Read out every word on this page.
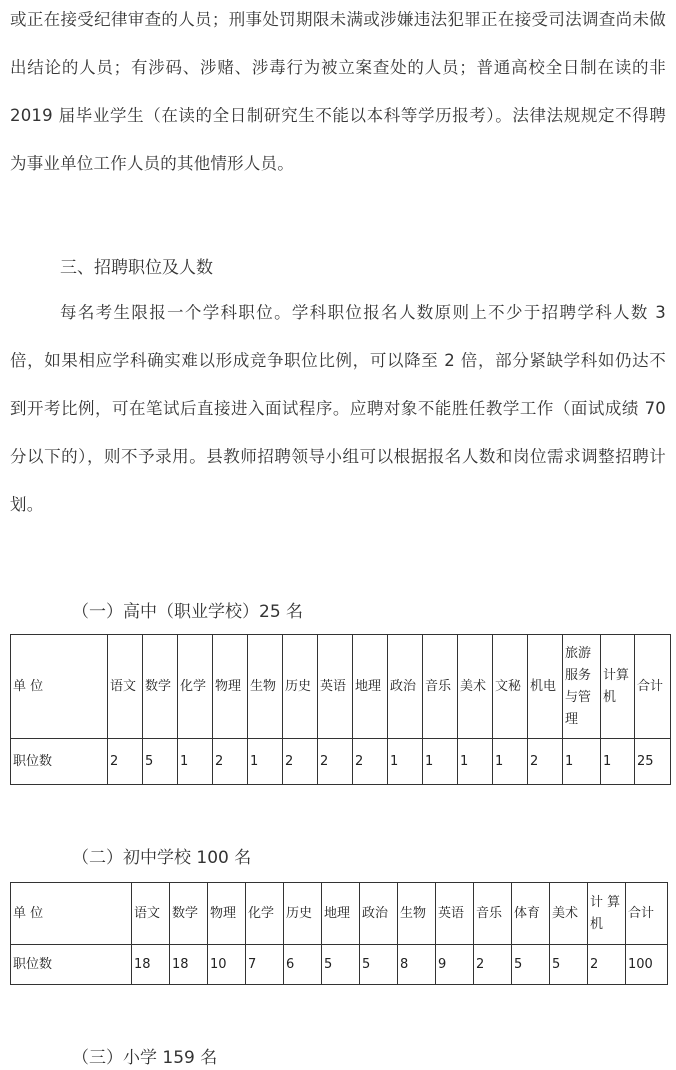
或正在接受纪律审查的人员；刑事处罚期限未满或涉嫌违法犯罪正在接受司法调查尚未做出结论的人员；有涉码、涉赌、涉毒行为被立案查处的人员；普通高校全日制在读的非 2019 届毕业学生（在读的全日制研究生不能以本科等学历报考）。法律法规规定不得聘为事业单位工作人员的其他情形人员。

三、招聘职位及人数

每名考生限报一个学科职位。学科职位报名人数原则上不少于招聘学科人数 3 倍，如果相应学科确实难以形成竞争职位比例，可以降至 2 倍，部分紧缺学科如仍达不到开考比例，可在笔试后直接进入面试程序。应聘对象不能胜任教学工作（面试成绩 70 分以下的），则不予录用。县教师招聘领导小组可以根据报名人数和岗位需求调整招聘计划。

（一）高中（职业学校）25 名

单 位	语文	数学	化学	物理	生物	历史	英语	地理	政治	音乐	美术	文秘	机电	旅游服务与管理	计算机	合计
职位数	2	5	1	2	1	2	2	2	1	1	1	1	2	1	1	25

（二）初中学校 100 名

单 位	语文	数学	物理	化学	历史	地理	政治	生物	英语	音乐	体育	美术	计 算机	合计
职位数	18	18	10	7	6	5	5	8	9	2	5	5	2	100

（三）小学 159 名
